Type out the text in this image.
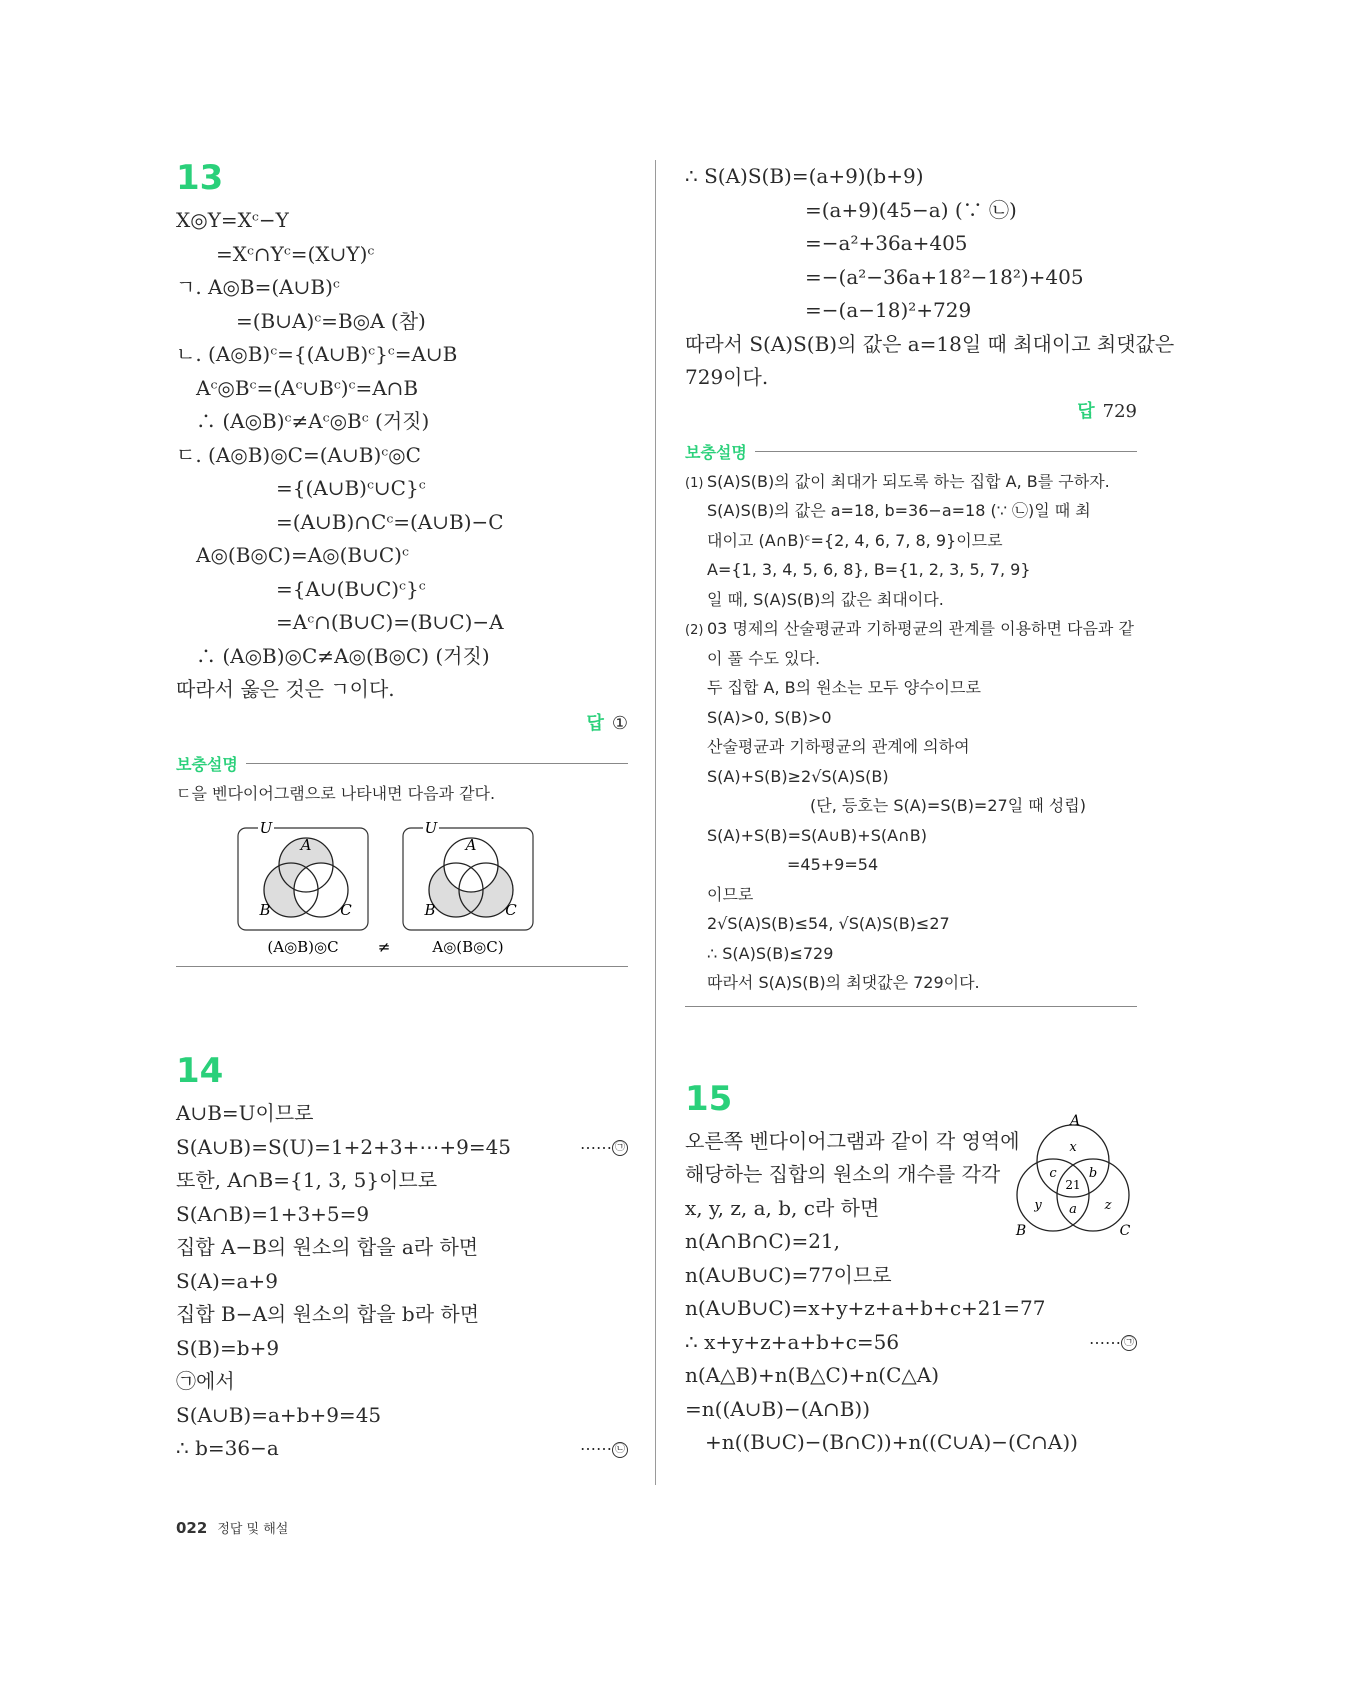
13
X◎Y=Xᶜ−Y
　　=Xᶜ∩Yᶜ=(X∪Y)ᶜ
ㄱ. A◎B=(A∪B)ᶜ
　　　=(B∪A)ᶜ=B◎A (참)
ㄴ. (A◎B)ᶜ={(A∪B)ᶜ}ᶜ=A∪B
　Aᶜ◎Bᶜ=(Aᶜ∪Bᶜ)ᶜ=A∩B
　∴ (A◎B)ᶜ≠Aᶜ◎Bᶜ (거짓)
ㄷ. (A◎B)◎C=(A∪B)ᶜ◎C
　　　　　={(A∪B)ᶜ∪C}ᶜ
　　　　　=(A∪B)∩Cᶜ=(A∪B)−C
　A◎(B◎C)=A◎(B∪C)ᶜ
　　　　　={A∪(B∪C)ᶜ}ᶜ
　　　　　=Aᶜ∩(B∪C)=(B∪C)−A
　∴ (A◎B)◎C≠A◎(B◎C) (거짓)
따라서 옳은 것은 ㄱ이다.
답 ①
보충설명
ㄷ을 벤다이어그램으로 나타내면 다음과 같다.
U
A
B	C
U
A
B	C
(A◎B)◎C	≠	A◎(B◎C)
14
A∪B=U이므로
S(A∪B)=S(U)=1+2+3+⋯+9=45	⋯⋯ ㉠
또한, A∩B={1, 3, 5}이므로
S(A∩B)=1+3+5=9
집합 A−B의 원소의 합을 a라 하면
S(A)=a+9
집합 B−A의 원소의 합을 b라 하면
S(B)=b+9
㉠에서
S(A∪B)=a+b+9=45
∴ b=36−a	⋯⋯ ㉡
∴ S(A)S(B)=(a+9)(b+9)
　　　　　　=(a+9)(45−a) (∵ ㉡)
　　　　　　=−a²+36a+405
　　　　　　=−(a²−36a+18²−18²)+405
　　　　　　=−(a−18)²+729
따라서 S(A)S(B)의 값은 a=18일 때 최대이고 최댓값은
729이다.
답 729
보충설명
(1) S(A)S(B)의 값이 최대가 되도록 하는 집합 A, B를 구하자.
S(A)S(B)의 값은 a=18, b=36−a=18 (∵ ㉡)일 때 최
대이고 (A∩B)ᶜ={2, 4, 6, 7, 8, 9}이므로
A={1, 3, 4, 5, 6, 8}, B={1, 2, 3, 5, 7, 9}
일 때, S(A)S(B)의 값은 최대이다.
(2) 03 명제의 산술평균과 기하평균의 관계를 이용하면 다음과 같
이 풀 수도 있다.
두 집합 A, B의 원소는 모두 양수이므로
S(A)>0, S(B)>0
산술평균과 기하평균의 관계에 의하여
S(A)+S(B)≥2√S(A)S(B)
(단, 등호는 S(A)=S(B)=27일 때 성립)
S(A)+S(B)=S(A∪B)+S(A∩B)
　　　　　=45+9=54
이므로
2√S(A)S(B)≤54, √S(A)S(B)≤27
∴ S(A)S(B)≤729
따라서 S(A)S(B)의 최댓값은 729이다.
15
오른쪽 벤다이어그램과 같이 각 영역에
해당하는 집합의 원소의 개수를 각각
x, y, z, a, b, c라 하면
n(A∩B∩C)=21,
n(A∪B∪C)=77이므로
n(A∪B∪C)=x+y+z+a+b+c+21=77
∴ x+y+z+a+b+c=56	⋯⋯ ㉠
n(A△B)+n(B△C)+n(C△A)
=n((A∪B)−(A∩B))
　+n((B∪C)−(B∩C))+n((C∪A)−(C∩A))
A
B	C
x
y	z
a
b
c
21
022 정답 및 해설
